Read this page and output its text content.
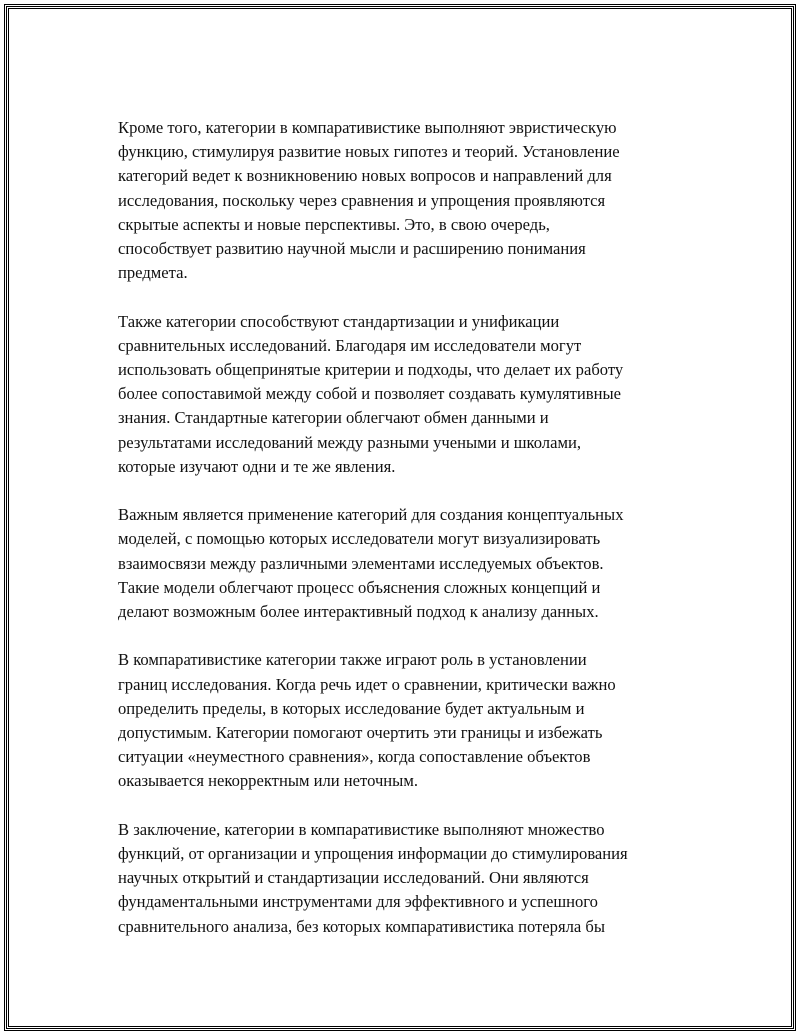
Кроме того, категории в компаративистике выполняют эвристическую
функцию, стимулируя развитие новых гипотез и теорий. Установление
категорий ведет к возникновению новых вопросов и направлений для
исследования, поскольку через сравнения и упрощения проявляются
скрытые аспекты и новые перспективы. Это, в свою очередь,
способствует развитию научной мысли и расширению понимания
предмета.

Также категории способствуют стандартизации и унификации
сравнительных исследований. Благодаря им исследователи могут
использовать общепринятые критерии и подходы, что делает их работу
более сопоставимой между собой и позволяет создавать кумулятивные
знания. Стандартные категории облегчают обмен данными и
результатами исследований между разными учеными и школами,
которые изучают одни и те же явления.

Важным является применение категорий для создания концептуальных
моделей, с помощью которых исследователи могут визуализировать
взаимосвязи между различными элементами исследуемых объектов.
Такие модели облегчают процесс объяснения сложных концепций и
делают возможным более интерактивный подход к анализу данных.

В компаративистике категории также играют роль в установлении
границ исследования. Когда речь идет о сравнении, критически важно
определить пределы, в которых исследование будет актуальным и
допустимым. Категории помогают очертить эти границы и избежать
ситуации «неуместного сравнения», когда сопоставление объектов
оказывается некорректным или неточным.

В заключение, категории в компаративистике выполняют множество
функций, от организации и упрощения информации до стимулирования
научных открытий и стандартизации исследований. Они являются
фундаментальными инструментами для эффективного и успешного
сравнительного анализа, без которых компаративистика потеряла бы
